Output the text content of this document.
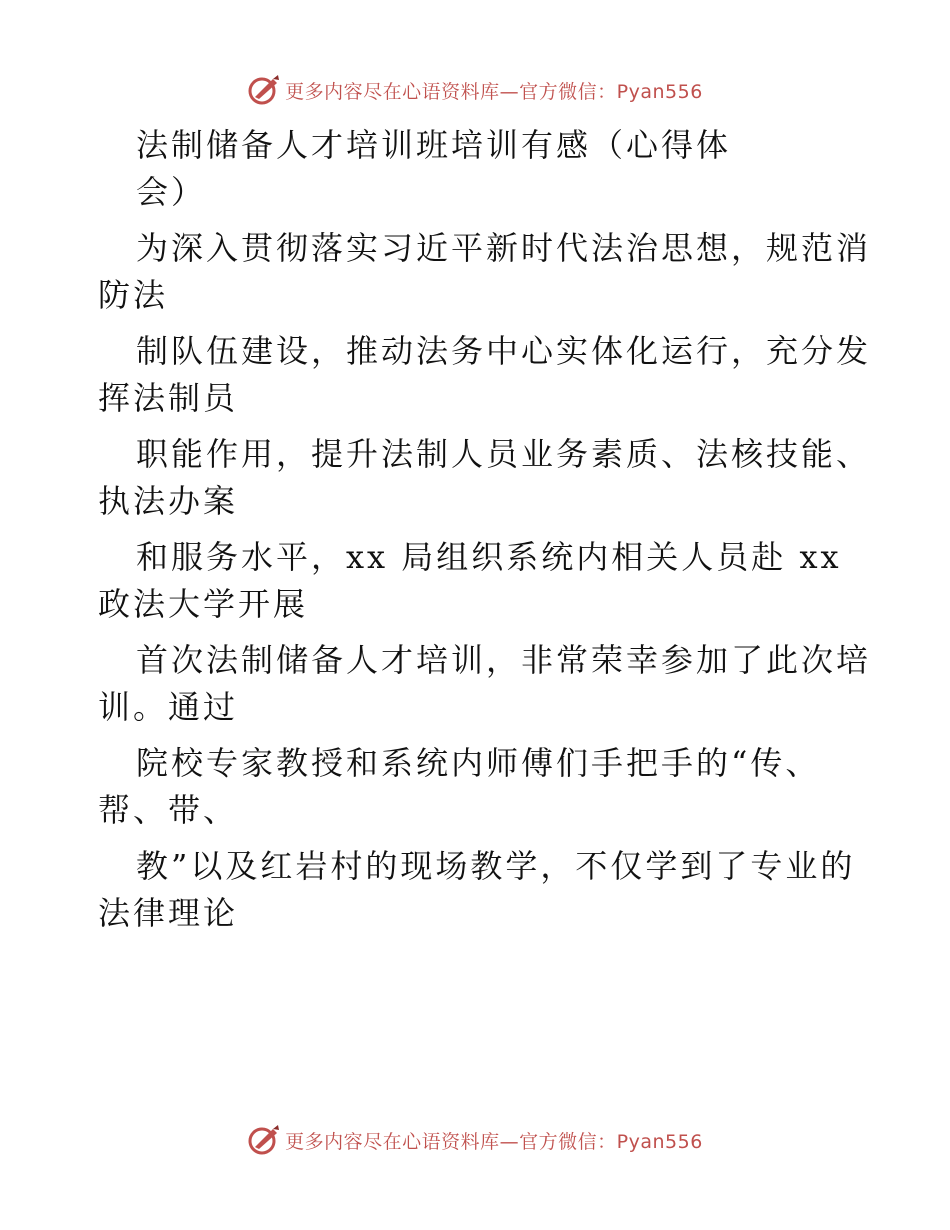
更多内容尽在心语资料库—官方微信：Pyan556
法制储备人才培训班培训有感（心得体
会）
为深入贯彻落实习近平新时代法治思想，规范消
防法
制队伍建设，推动法务中心实体化运行，充分发
挥法制员
职能作用，提升法制人员业务素质、法核技能、
执法办案
和服务水平，xx 局组织系统内相关人员赴 xx
政法大学开展
首次法制储备人才培训，非常荣幸参加了此次培
训。通过
院校专家教授和系统内师傅们手把手的“传、
帮、带、
教”以及红岩村的现场教学，不仅学到了专业的
法律理论
更多内容尽在心语资料库—官方微信：Pyan556
